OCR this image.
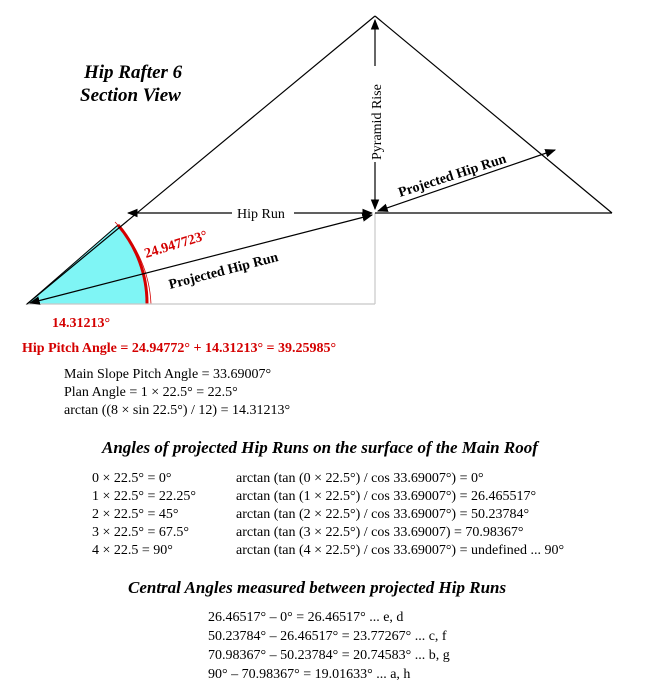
Hip Rafter 6
Section View	Pyramid Rise
Hip Run
Projected Hip Run
Projected Hip Run
24.947723°
14.31213°
Hip Pitch Angle = 24.94772° + 14.31213° = 39.25985°
Main Slope Pitch Angle = 33.69007°
Plan Angle = 1 × 22.5° = 22.5°
arctan ((8 × sin 22.5°) / 12) = 14.31213°
Angles of projected Hip Runs on the surface of the Main Roof
0 × 22.5° = 0°	arctan (tan (0 × 22.5°) / cos 33.69007°) = 0°
1 × 22.5° = 22.25°	arctan (tan (1 × 22.5°) / cos 33.69007°) = 26.465517°
2 × 22.5° = 45°	arctan (tan (2 × 22.5°) / cos 33.69007°) = 50.23784°
3 × 22.5° = 67.5°	arctan (tan (3 × 22.5°) / cos 33.69007) = 70.98367°
4 × 22.5 = 90°	arctan (tan (4 × 22.5°) / cos 33.69007°) = undefined ... 90°
Central Angles measured between projected Hip Runs
26.46517° – 0° = 26.46517° ... e, d
50.23784° – 26.46517° = 23.77267° ... c, f
70.98367° – 50.23784° = 20.74583° ... b, g
90° – 70.98367° = 19.01633° ... a, h
